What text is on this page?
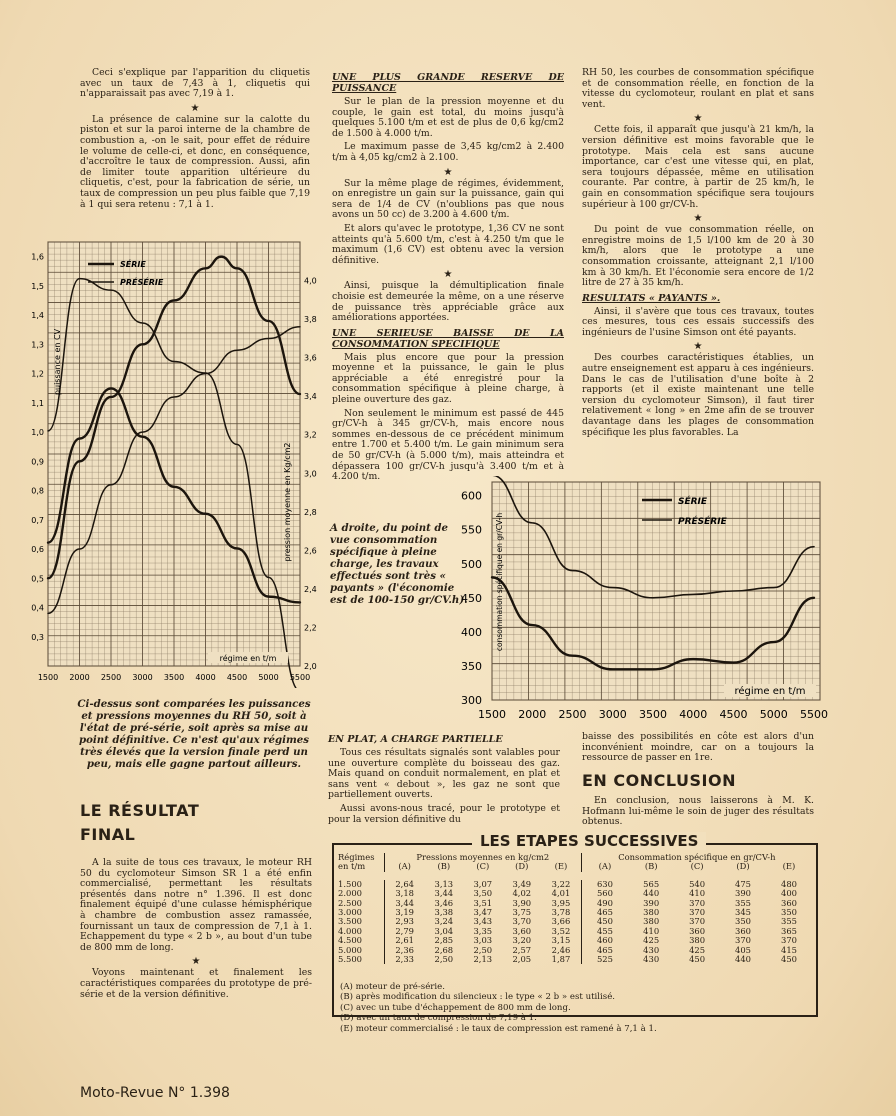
Ceci s'explique par l'apparition du cliquetis avec un taux de 7,43 à 1, cliquetis qui n'apparaissait pas avec 7,19 à 1.

★

La présence de calamine sur la calotte du piston et sur la paroi interne de la chambre de combustion a, -on le sait, pour effet de réduire le volume de celle-ci, et donc, en conséquence, d'accroître le taux de compression. Aussi, afin de limiter toute apparition ultérieure du cliquetis, c'est, pour la fabrication de série, un taux de compression un peu plus faible que 7,19 à 1 qui sera retenu : 7,1 à 1.

1,6
1,5
1,4
1,3
1,2
1,1
1,0
0,9
0,8
0,7
0,6
0,5
0,4
0,3
4,0
3,8
3,6
3,4
3,2
3,0
2,8
2,6
2,4
2,2
2,0
1500 2000 2500 3000 3500 4000 4500 5000 5500
SÉRIE
PRÉSÉRIE
puissance en CV
pression moyenne en Kg/cm2
régime en t/m
Ci-dessus sont comparées les puissances et pressions moyennes du RH 50, soit à l'état de pré-série, soit après sa mise au point définitive. Ce n'est qu'aux régimes très élevés que la version finale perd un peu, mais elle gagne partout ailleurs.
LE RÉSULTAT
FINAL

A la suite de tous ces travaux, le moteur RH 50 du cyclomoteur Simson SR 1 a été enfin commercialisé, permettant les résultats présentés dans notre n° 1.396. Il est donc finalement équipé d'une culasse hémisphérique à chambre de combustion assez ramassée, fournissant un taux de compression de 7,1 à 1. Echappement du type « 2 b », au bout d'un tube de 800 mm de long.

★

Voyons maintenant et finalement les caractéristiques comparées du prototype de pré-série et de la version définitive.

Moto-Revue N° 1.398
UNE PLUS GRANDE RESERVE DE PUISSANCE

Sur le plan de la pression moyenne et du couple, le gain est total, du moins jusqu'à quelques 5.100 t/m et est de plus de 0,6 kg/cm2 de 1.500 à 4.000 t/m.

Le maximum passe de 3,45 kg/cm2 à 2.400 t/m à 4,05 kg/cm2 à 2.100.

★

Sur la même plage de régimes, évidemment, on enregistre un gain sur la puissance, gain qui sera de 1/4 de CV (n'oublions pas que nous avons un 50 cc) de 3.200 à 4.600 t/m.

Et alors qu'avec le prototype, 1,36 CV ne sont atteints qu'à 5.600 t/m, c'est à 4.250 t/m que le maximum (1,6 CV) est obtenu avec la version définitive.

★

Ainsi, puisque la démultiplication finale choisie est demeurée la même, on a une réserve de puissance très appréciable grâce aux améliorations apportées.

UNE SERIEUSE BAISSE DE LA CONSOMMATION SPECIFIQUE

Mais plus encore que pour la pression moyenne et la puissance, le gain le plus appréciable a été enregistré pour la consommation spécifique à pleine charge, à pleine ouverture des gaz.

Non seulement le minimum est passé de 445 gr/CV-h à 345 gr/CV-h, mais encore nous sommes en-dessous de ce précédent minimum entre 1.700 et 5.400 t/m. Le gain minimum sera de 50 gr/CV-h (à 5.000 t/m), mais atteindra et dépassera 100 gr/CV-h jusqu'à 3.400 t/m et à 4.200 t/m.

A droite, du point de vue consommation spécifique à pleine charge, les travaux effectués sont très « payants » (l'économie est de 100-150 gr/CV.h).

RH 50, les courbes de consommation spécifique et de consommation réelle, en fonction de la vitesse du cyclomoteur, roulant en plat et sans vent.

★

Cette fois, il apparaît que jusqu'à 21 km/h, la version définitive est moins favorable que le prototype. Mais cela est sans aucune importance, car c'est une vitesse qui, en plat, sera toujours dépassée, même en utilisation courante. Par contre, à partir de 25 km/h, le gain en consommation spécifique sera toujours supérieur à 100 gr/CV-h.

★

Du point de vue consommation réelle, on enregistre moins de 1,5 l/100 km de 20 à 30 km/h, alors que le prototype a une consommation croissante, atteignant 2,1 l/100 km à 30 km/h. Et l'économie sera encore de 1/2 litre de 27 à 35 km/h.

RESULTATS « PAYANTS ».

Ainsi, il s'avère que tous ces travaux, toutes ces mesures, tous ces essais successifs des ingénieurs de l'usine Simson ont été payants.

★

Des courbes caractéristiques établies, un autre enseignement est apparu à ces ingénieurs. Dans le cas de l'utilisation d'une boîte à 2 rapports (et il existe maintenant une telle version du cyclomoteur Simson), il faut tirer relativement « long » en 2me afin de se trouver davantage dans les plages de consommation spécifique les plus favorables. La

600
550
500
450
400
350
300
1500 2000 2500 3000 3500 4000 4500 5000 5500
SÉRIE
PRÉSÉRIE
consommation spécifique en gr/CV-h
régime en t/m
EN PLAT, A CHARGE PARTIELLE

Tous ces résultats signalés sont valables pour une ouverture complète du boisseau des gaz. Mais quand on conduit normalement, en plat et sans vent « debout », les gaz ne sont que partiellement ouverts.

Aussi avons-nous tracé, pour le prototype et pour la version définitive du

baisse des possibilités en côte est alors d'un inconvénient moindre, car on a toujours la ressource de passer en 1re.

EN CONCLUSION

En conclusion, nous laisserons à M. K. Hofmann lui-même le soin de juger des résultats obtenus.

LES ETAPES SUCCESSIVES
Régimes en t/m	Pressions moyennes en kg/cm2					Consommation spécifique en gr/CV-h				
	(A)	(B)	(C)	(D)	(E)	(A)	(B)	(C)	(D)	(E)

1.500	2,64	3,13	3,07	3,49	3,22	630	565	540	475	480
2.000	3,18	3,44	3,50	4,02	4,01	560	440	410	390	400
2.500	3,44	3,46	3,51	3,90	3,95	490	390	370	355	360
3.000	3,19	3,38	3,47	3,75	3,78	465	380	370	345	350
3.500	2,93	3,24	3,43	3,70	3,66	450	380	370	350	355
4.000	2,79	3,04	3,35	3,60	3,52	455	410	360	360	365
4.500	2,61	2,85	3,03	3,20	3,15	460	425	380	370	370
5.000	2,36	2,68	2,50	2,57	2,46	465	430	425	405	415
5.500	2,33	2,50	2,13	2,05	1,87	525	430	450	440	450
(A) moteur de pré-série.
(B) après modification du silencieux : le type « 2 b » est utilisé.
(C) avec un tube d'échappement de 800 mm de long.
(D) avec un taux de compression de 7,19 à 1.
(E) moteur commercialisé : le taux de compression est ramené à 7,1 à 1.
